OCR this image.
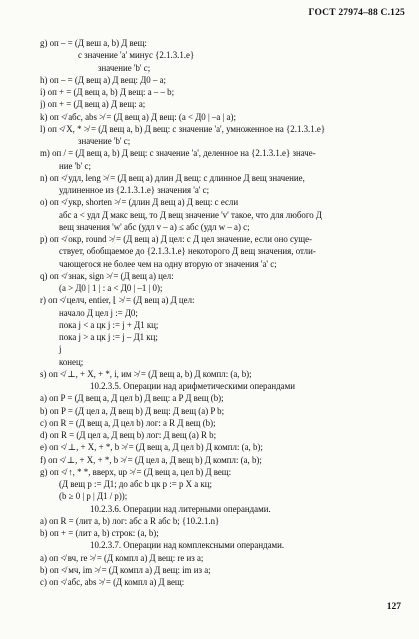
ГОСТ 27974–88 С.125
g) оп – = (Д веш a, b) Д вещ:
с значение 'a' минус {2.1.3.1.e}
значение 'b' c;
h) оп – = (Д вещ a) Д вещ: Д0 – a;
i) оп + = (Д вещ a, b) Д вещ: a – – b;
j) оп + = (Д вещ a) Д вещ: a;
k) оп ≮ абс, abs ≯ = (Д вещ a) Д вещ: (a < Д0 | –a | a);
l) оп ≮ X, * ≯ = (Д вещ a, b) Д вещ: с значение 'a', умноженное на {2.1.3.1.e}
значение 'b' c;
m) оп / = (Д вещ a, b) Д вещ: с значение 'a', деленное на {2.1.3.1.e} значе-
ние 'b' c;
n) оп ≮ удл, leng ≯ = (Д вещ a) длин Д вещ: с длинное Д вещ значение,
удлиненное из {2.1.3.1.e} значения 'a' c;
o) оп ≮ укр, shorten ≯ = (длин Д вещ a) Д вещ: с если
абс a < удл Д макс вещ, то Д вещ значение 'v' такое, что для любого Д
вещ значения 'w' абс (удл v – a) ≤ абс (удл w – a) c;
p) оп ≮ окр, round ≯ = (Д вещ a) Д цел: с Д цел значение, если оно суще-
ствует, обобщаемое до {2.1.3.1.e} некоторого Д вещ значения, отли-
чающегося не более чем на одну вторую от значения 'a' c;
q) оп ≮ знак, sign ≯ = (Д вещ a) цел:
(a > Д0 | 1 | : a < Д0 | –1 | 0);
r) оп ≮ целч, entier, ⌊ ≯ = (Д вещ a) Д цел:
начало Д цел j := Д0;
пока j < a цк j := j + Д1 кц;
пока j > a цк j := j – Д1 кц;
j
конец;
s) оп ≮ ⊥, + X, + *, i, им ≯ = (Д вещ a, b) Д компл: (a, b);
10.2.3.5. Операции над арифметическими операндами
a) оп P = (Д вещ a, Д цел b) Д вещ: a P Д вещ (b);
b) оп P = (Д цел a, Д вещ b) Д вещ: Д вещ (a) P b;
c) оп R = (Д вещ a, Д цел b) лог: a R Д вещ (b);
d) оп R = (Д цел a, Д вещ b) лог: Д вещ (a) R b;
e) оп ≮ ⊥, + X, + *, b ≯ = (Д вещ a, Д цел b) Д компл: (a, b);
f) оп ≮ ⊥, + X, + *, b ≯ = (Д цел a, Д вещ b) Д компл: (a, b);
g) оп ≮ ↑, * *, вверх, up ≯ = (Д вещ a, цел b) Д вещ:
(Д вещ p := Д1; до абс b цк p := p X a кц;
(b ≥ 0 | p | Д1 / p));
10.2.3.6. Операции над литерными операндами.
a) оп R = (лит a, b) лог: абс a R абс b; {10.2.1.n}
b) оп + = (лит a, b) строк: (a, b);
10.2.3.7. Операции над комплексными операндами.
a) оп ≮ вч, re ≯ = (Д компл a) Д вещ: re из a;
b) оп ≮ мч, im ≯ = (Д компл a) Д вещ: im из a;
c) оп ≮ абс, abs ≯ = (Д компл a) Д вещ:
127
